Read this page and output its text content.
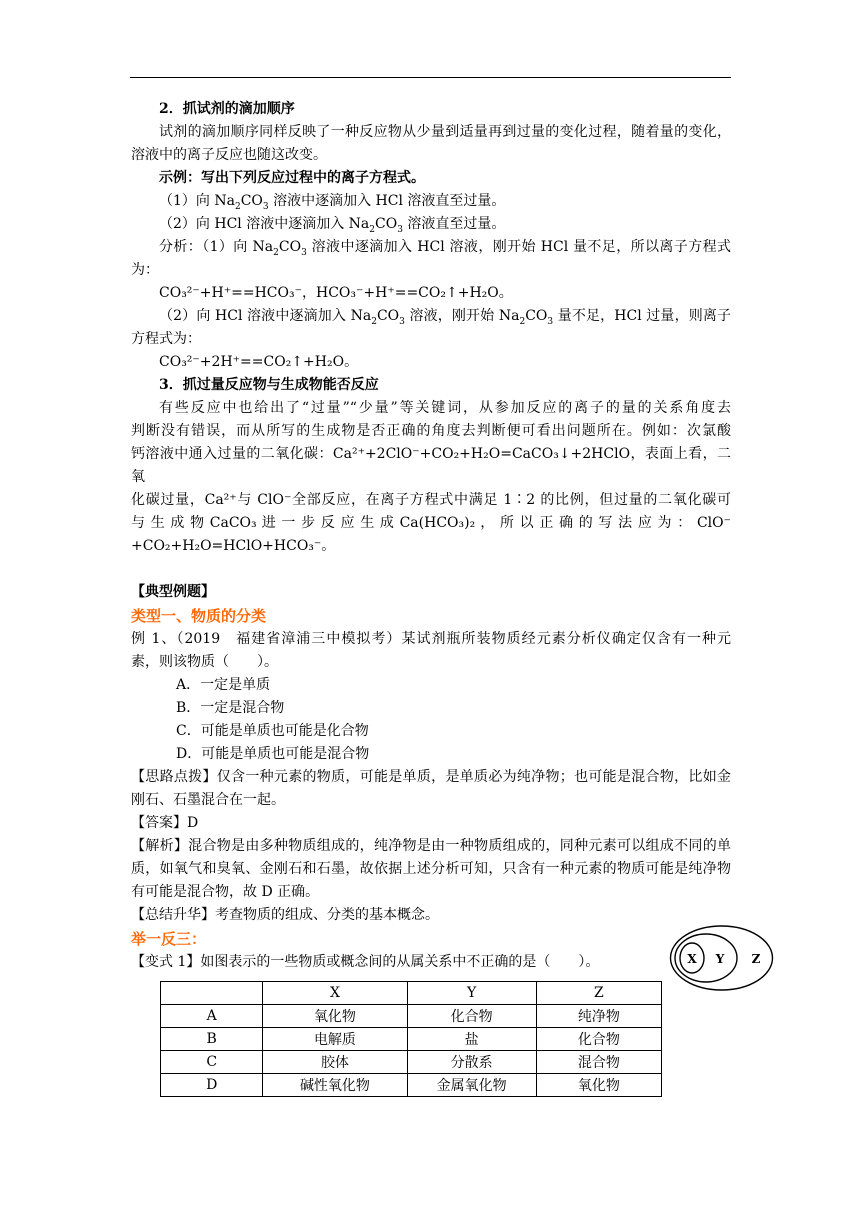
2．抓试剂的滴加顺序

试剂的滴加顺序同样反映了一种反应物从少量到适量再到过量的变化过程，随着量的变化，溶液中的离子反应也随这改变。

示例：写出下列反应过程中的离子方程式。

（1）向 $Na_2CO_3$ 溶液中逐滴加入 HCl 溶液直至过量。

（2）向 HCl 溶液中逐滴加入 $Na_2CO_3$ 溶液直至过量。

分析：（1）向 $Na_2CO_3$ 溶液中逐滴加入 HCl 溶液，刚开始 HCl 量不足，所以离子方程式为：

CO₃²⁻+H⁺==HCO₃⁻，HCO₃⁻+H⁺==CO₂↑+H₂O。

（2）向 HCl 溶液中逐滴加入 $Na_2CO_3$ 溶液，刚开始 $Na_2CO_3$ 量不足，HCl 过量，则离子方程式为：

CO₃²⁻+2H⁺==CO₂↑+H₂O。

3．抓过量反应物与生成物能否反应

有些反应中也给出了“过量”“少量”等关键词，从参加反应的离子的量的关系角度去

判断没有错误，而从所写的生成物是否正确的角度去判断便可看出问题所在。例如：次氯酸

钙溶液中通入过量的二氧化碳：Ca²⁺+2ClO⁻+CO₂+H₂O=CaCO₃↓+2HClO，表面上看，二氧

化碳过量，Ca²⁺与 ClO⁻全部反应，在离子方程式中满足 1∶2 的比例，但过量的二氧化碳可

与 生 成 物 CaCO₃ 进 一 步 反 应 生 成 Ca(HCO₃)₂ ， 所 以 正 确 的 写 法 应 为 ： ClO⁻

+CO₂+H₂O=HClO+HCO₃⁻。

【典型例题】

类型一、物质的分类

例 1、（2019　福建省漳浦三中模拟考）某试剂瓶所装物质经元素分析仪确定仅含有一种元

素，则该物质（　　）。

A．一定是单质

B．一定是混合物

C．可能是单质也可能是化合物

D．可能是单质也可能是混合物

【思路点拨】仅含一种元素的物质，可能是单质，是单质必为纯净物；也可能是混合物，比如金刚石、石墨混合在一起。

【答案】D

【解析】混合物是由多种物质组成的，纯净物是由一种物质组成的，同种元素可以组成不同的单质，如氧气和臭氧、金刚石和石墨，故依据上述分析可知，只含有一种元素的物质可能是纯净物有可能是混合物，故 D 正确。

【总结升华】考查物质的组成、分类的基本概念。

举一反三：

【变式 1】如图表示的一些物质或概念间的从属关系中不正确的是（　　）。	X Y Z
	X	Y	Z
A	氧化物	化合物	纯净物
B	电解质	盐	化合物
C	胶体	分散系	混合物
D	碱性氧化物	金属氧化物	氧化物
